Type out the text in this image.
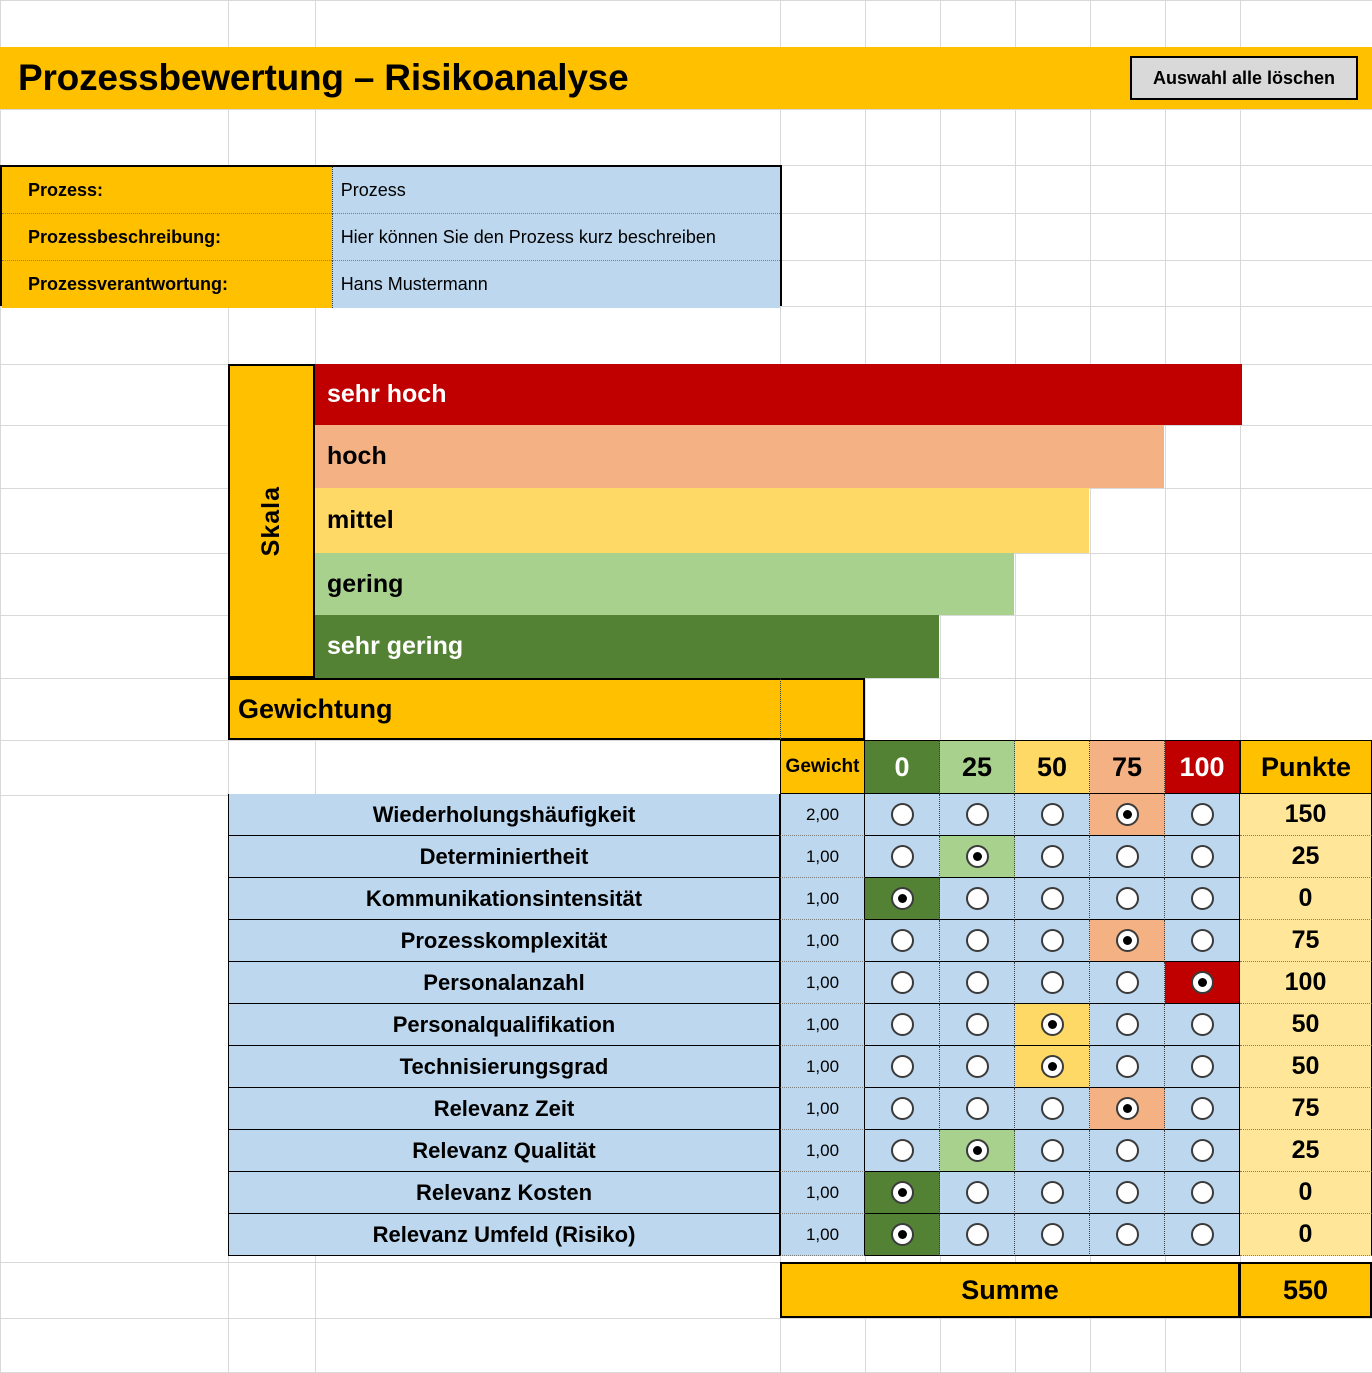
Prozessbewertung – Risikoanalyse	Auswahl alle löschen
Prozess:	Prozess
Prozessbeschreibung:	Hier können Sie den Prozess kurz beschreiben
Prozessverantwortung:	Hans Mustermann
sehr hoch
hoch
mittel
gering
sehr gering
Skala
Gewichtung
Gewicht	0	25	50	75	100	Punkte
Wiederholungshäufigkeit	2,00	150
Determiniertheit	1,00	25
Kommunikationsintensität	1,00	0
Prozesskomplexität	1,00	75
Personalanzahl	1,00	100
Personalqualifikation	1,00	50
Technisierungsgrad	1,00	50
Relevanz Zeit	1,00	75
Relevanz Qualität	1,00	25
Relevanz Kosten	1,00	0
Relevanz Umfeld (Risiko)	1,00	0
Summe	550
